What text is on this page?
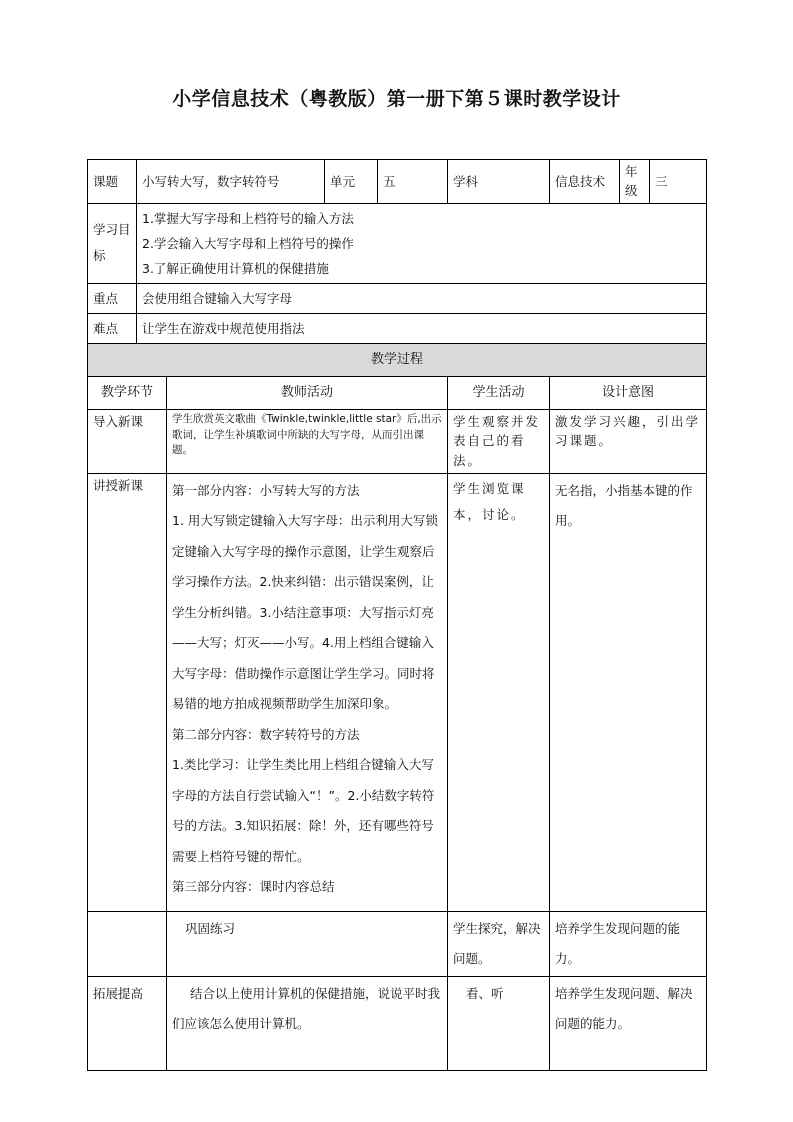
小学信息技术（粤教版）第一册下第５课时教学设计
课题	小写转大写，数字转符号		单元	五	学科	信息技术	年级	三
学习目标	1.掌握大写字母和上档符号的输入方法
2.学会输入大写字母和上档符号的操作
3.了解正确使用计算机的保健措施							

重点	会使用组合键输入大写字母							
难点	让学生在游戏中规范使用指法							
教学过程								
教学环节		教师活动			学生活动	设计意图		
导入新课		学生欣赏英文歌曲《Twinkle,twinkle,little star》后,出示歌词，让学生补填歌词中所缺的大写字母，从而引出课题。			学生观察并发表自己的看法。	激发学习兴趣，引出学习课题。		
讲授新课		第一部分内容：小写转大写的方法

1. 用大写锁定键输入大写字母：出示利用大写锁定键输入大写字母的操作示意图，让学生观察后学习操作方法。2.快来纠错：出示错误案例，让学生分析纠错。3.小结注意事项：大写指示灯亮——大写；灯灭——小写。4.用上档组合键输入大写字母：借助操作示意图让学生学习。同时将易错的地方拍成视频帮助学生加深印象。

第二部分内容：数字转符号的方法

1.类比学习：让学生类比用上档组合键输入大写字母的方法自行尝试输入“！”。2.小结数字转符号的方法。3.知识拓展：除！外，还有哪些符号需要上档符号键的帮忙。

第三部分内容：课时内容总结			学生浏览课本，讨论。	无名指，小指基本键的作用。		
		巩固练习			学生探究，解决问题。	培养学生发现问题的能力。		
拓展提高		结合以上使用计算机的保健措施，说说平时我们应该怎么使用计算机。			看、听	培养学生发现问题、解决问题的能力。		
